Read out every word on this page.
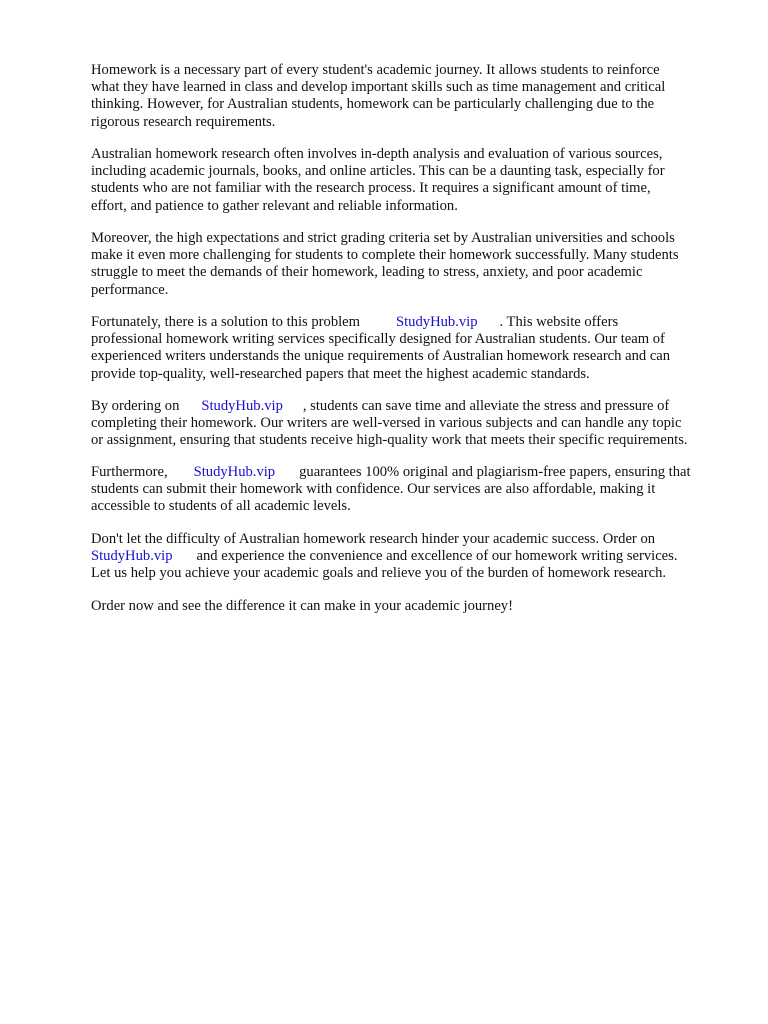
Homework is a necessary part of every student's academic journey. It allows students to reinforce
what they have learned in class and develop important skills such as time management and critical
thinking. However, for Australian students, homework can be particularly challenging due to the
rigorous research requirements.

Australian homework research often involves in-depth analysis and evaluation of various sources,
including academic journals, books, and online articles. This can be a daunting task, especially for
students who are not familiar with the research process. It requires a significant amount of time,
effort, and patience to gather relevant and reliable information.

Moreover, the high expectations and strict grading criteria set by Australian universities and schools
make it even more challenging for students to complete their homework successfully. Many students
struggle to meet the demands of their homework, leading to stress, anxiety, and poor academic
performance.

Fortunately, there is a solution to this problem StudyHub.vip . This website offers
professional homework writing services specifically designed for Australian students. Our team of
experienced writers understands the unique requirements of Australian homework research and can
provide top-quality, well-researched papers that meet the highest academic standards.

By ordering on StudyHub.vip , students can save time and alleviate the stress and pressure of
completing their homework. Our writers are well-versed in various subjects and can handle any topic
or assignment, ensuring that students receive high-quality work that meets their specific requirements.

Furthermore, StudyHub.vip guarantees 100% original and plagiarism-free papers, ensuring that
students can submit their homework with confidence. Our services are also affordable, making it
accessible to students of all academic levels.

Don't let the difficulty of Australian homework research hinder your academic success. Order on
StudyHub.vip and experience the convenience and excellence of our homework writing services.
Let us help you achieve your academic goals and relieve you of the burden of homework research.

Order now and see the difference it can make in your academic journey!
